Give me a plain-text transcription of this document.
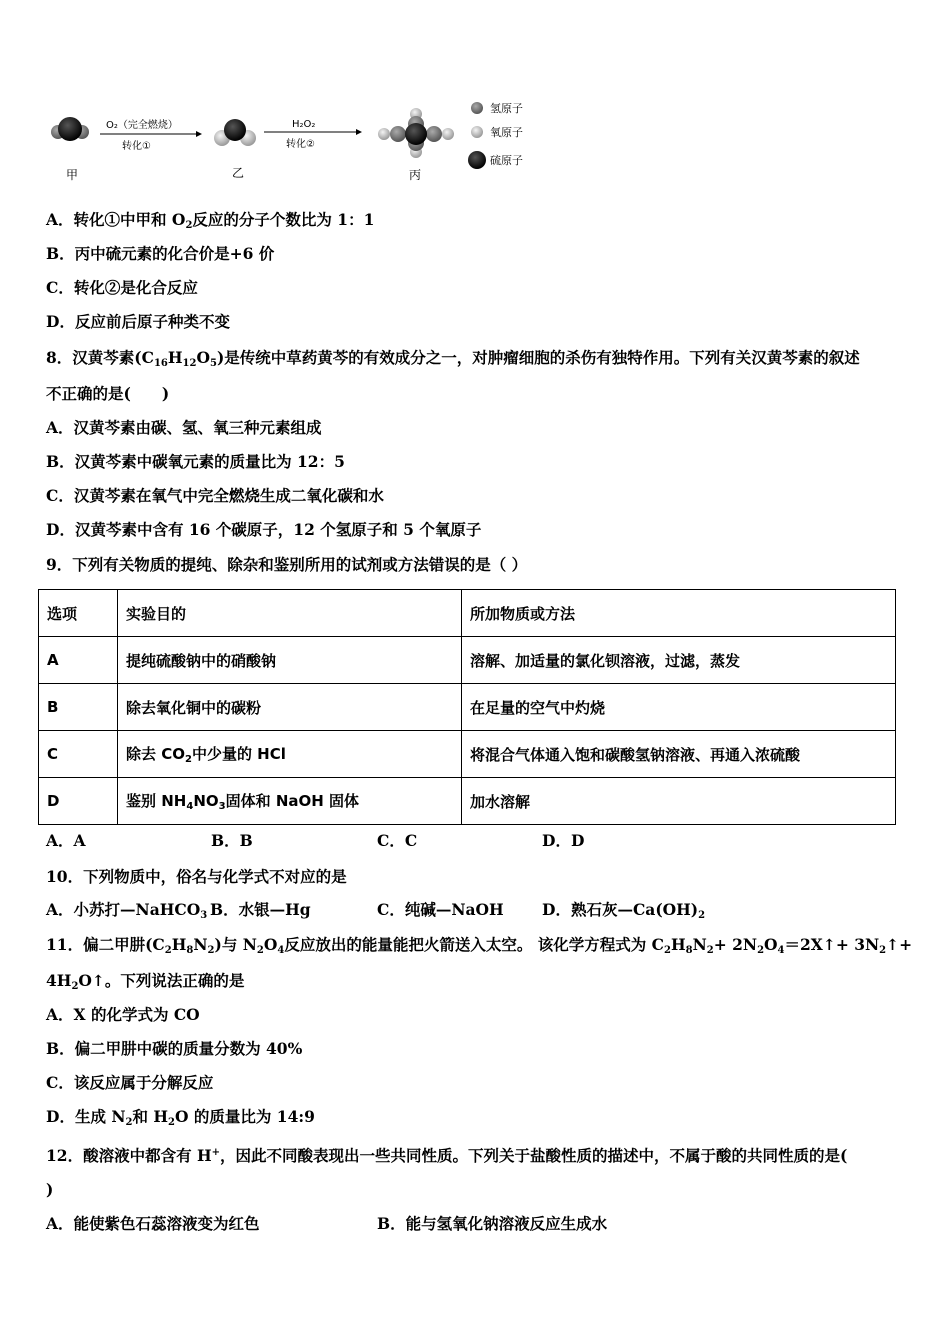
O₂（完全燃烧）
转化①
H₂O₂
转化②
氢原子
氧原子
硫原子
甲	乙	丙
A．转化①中甲和 $O_2$反应的分子个数比为 1：1
B．丙中硫元素的化合价是+6 价
C．转化②是化合反应
D．反应前后原子种类不变
8．汉黄芩素$(C_{16}H_{12}O_5)$是传统中草药黄芩的有效成分之一，对肿瘤细胞的杀伤有独特作用。下列有关汉黄芩素的叙述
不正确的是(　　)
A．汉黄芩素由碳、氢、氧三种元素组成
B．汉黄芩素中碳氧元素的质量比为 12：5
C．汉黄芩素在氧气中完全燃烧生成二氧化碳和水
D．汉黄芩素中含有 16 个碳原子，12 个氢原子和 5 个氧原子
9．下列有关物质的提纯、除杂和鉴别所用的试剂或方法错误的是（ ）
选项	实验目的	所加物质或方法
A	提纯硫酸钠中的硝酸钠	溶解、加适量的氯化钡溶液，过滤，蒸发
B	除去氧化铜中的碳粉	在足量的空气中灼烧
C	除去 $CO_2$中少量的 HCl	将混合气体通入饱和碳酸氢钠溶液、再通入浓硫酸
D	鉴别 $NH_4NO_3$固体和 NaOH 固体	加水溶解
A．A	B．B	C．C	D．D
10．下列物质中，俗名与化学式不对应的是
A．小苏打—NaHCO$_3$ B．水银—Hg	C．纯碱—NaOH D．熟石灰$—Ca(OH)_2$
11．偏二甲肼$(C_2H_8N_2)$与 $N_2O_4$反应放出的能量能把火箭送入太空。 该化学方程式为 $C_2H_8N_2+$ $2N_2O_4=2X↑+$ $3N_2↑+$
$4H_2O↑$。下列说法正确的是
A．X 的化学式为 CO
B．偏二甲肼中碳的质量分数为 40%
C．该反应属于分解反应
D．生成 $N_2$和 $H_2O$ 的质量比为 14:9
12．酸溶液中都含有 H+，因此不同酸表现出一些共同性质。下列关于盐酸性质的描述中，不属于酸的共同性质的是(
)
A．能使紫色石蕊溶液变为红色	B．能与氢氧化钠溶液反应生成水
